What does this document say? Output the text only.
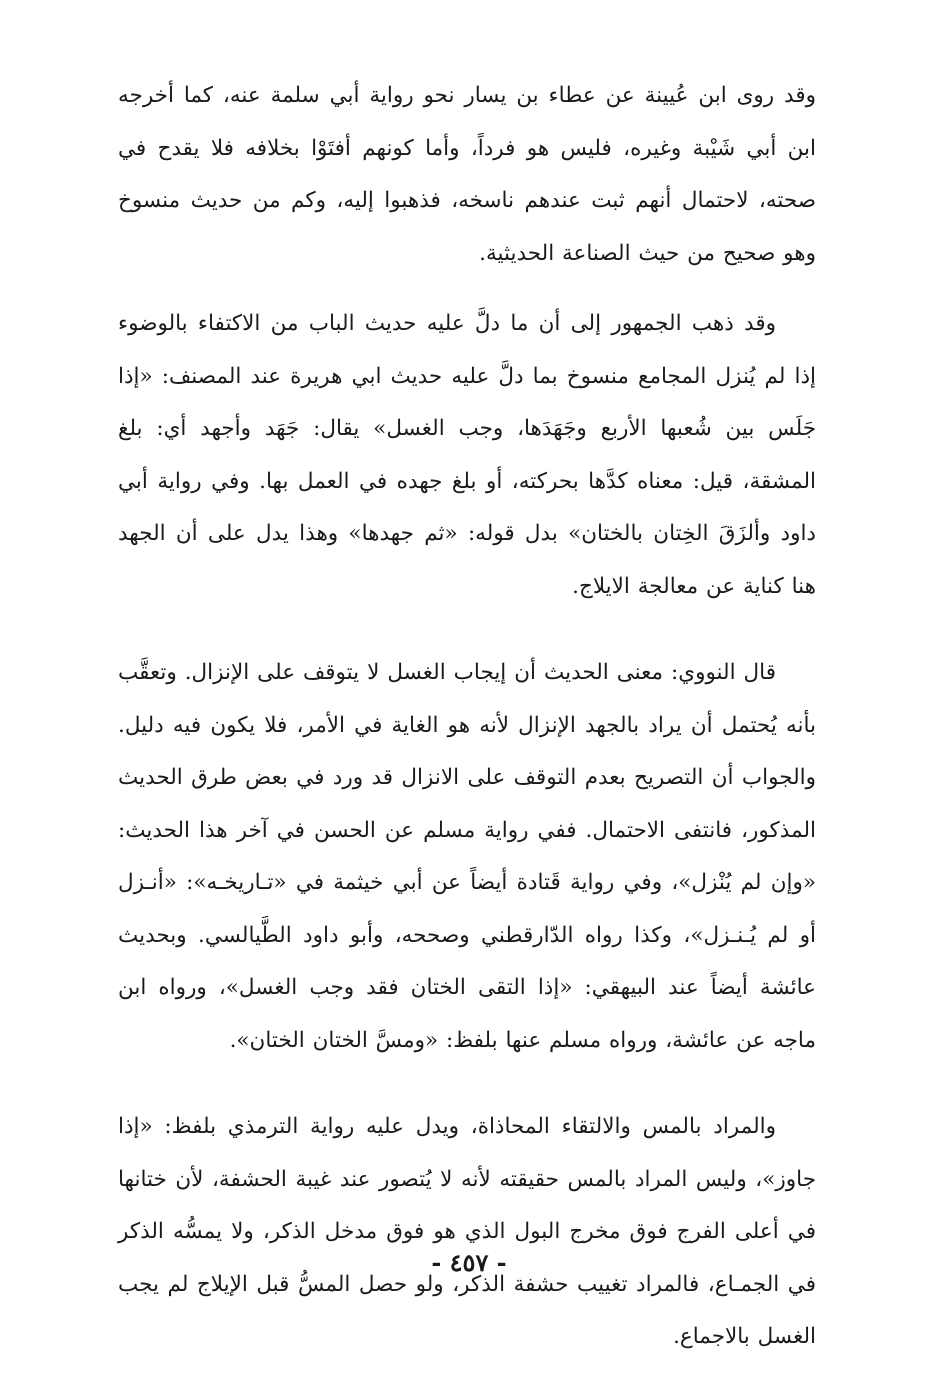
وقد روى ابن عُيينة عن عطاء بن يسار نحو رواية أبي سلمة عنه، كما أخرجه ابن أبي شَيْبة وغيره، فليس هو فرداً، وأما كونهم أفتَوْا بخلافه فلا يقدح في صحته، لاحتمال أنهم ثبت عندهم ناسخه، فذهبوا إليه، وكم من حديث منسوخ وهو صحيح من حيث الصناعة الحديثية.

وقد ذهب الجمهور إلى أن ما دلَّ عليه حديث الباب من الاكتفاء بالوضوء إذا لم يُنزل المجامع منسوخ بما دلَّ عليه حديث ابي هريرة عند المصنف: «إذا جَلَس بين شُعبها الأربع وجَهَدَها، وجب الغسل» يقال: جَهَد وأجهد أي: بلغ المشقة، قيل: معناه كدَّها بحركته، أو بلغ جهده في العمل بها. وفي رواية أبي داود وألزَقَ الخِتان بالختان» بدل قوله: «ثم جهدها» وهذا يدل على أن الجهد هنا كناية عن معالجة الايلاج.

قال النووي: معنى الحديث أن إيجاب الغسل لا يتوقف على الإنزال. وتعقَّب بأنه يُحتمل أن يراد بالجهد الإنزال لأنه هو الغاية في الأمر، فلا يكون فيه دليل. والجواب أن التصريح بعدم التوقف على الانزال قد ورد في بعض طرق الحديث المذكور، فانتفى الاحتمال. ففي رواية مسلم عن الحسن في آخر هذا الحديث: «وإن لم يُنْزل»، وفي رواية قَتادة أيضاً عن أبي خيثمة في «تـاريخـه»: «أنـزل أو لم يُـنـزل»، وكذا رواه الدّارقطني وصححه، وأبو داود الطَّيالسي. وبحديث عائشة أيضاً عند البيهقي: «إذا التقى الختان فقد وجب الغسل»، ورواه ابن ماجه عن عائشة، ورواه مسلم عنها بلفظ: «ومسَّ الختان الختان».

والمراد بالمس والالتقاء المحاذاة، ويدل عليه رواية الترمذي بلفظ: «إذا جاوز»، وليس المراد بالمس حقيقته لأنه لا يُتصور عند غيبة الحشفة، لأن ختانها في أعلى الفرج فوق مخرج البول الذي هو فوق مدخل الذكر، ولا يمسُّه الذكر في الجمـاع، فالمراد تغييب حشفة الذكر، ولو حصل المسُّ قبل الإيلاج لم يجب الغسل بالاجماع.

- ٤٥٧ -
